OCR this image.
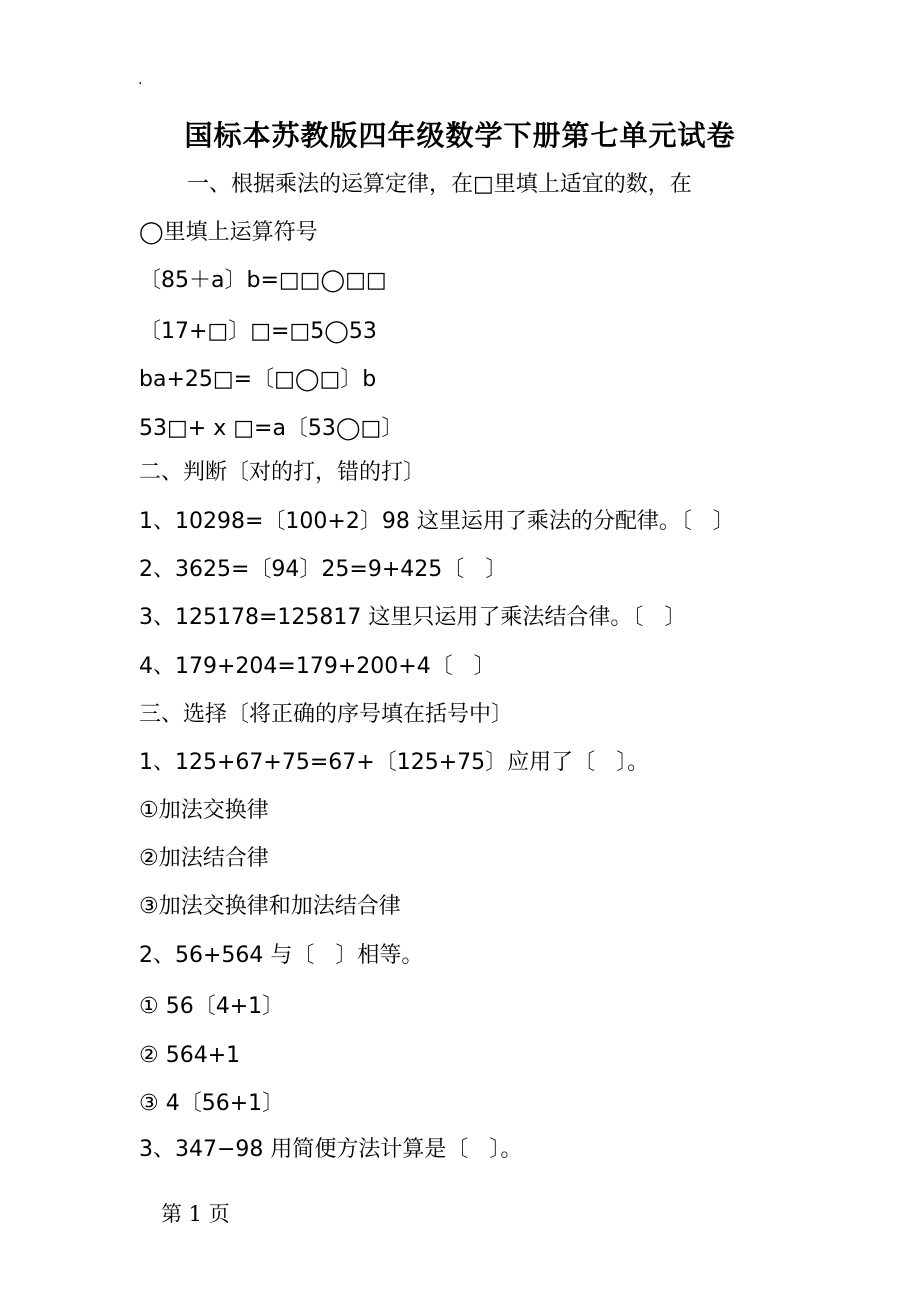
.
国标本苏教版四年级数学下册第七单元试卷
一、根据乘法的运算定律，在□里填上适宜的数，在
◯里填上运算符号
〔85＋a〕b=□□◯□□
〔17+□〕□=□5◯53
ba+25□=〔□◯□〕b
53□+ x □=a〔53◯□〕
二、判断〔对的打，错的打〕
1、10298=〔100+2〕98 这里运用了乘法的分配律。〔   〕
2、3625=〔94〕25=9+425〔   〕
3、125178=125817 这里只运用了乘法结合律。〔   〕
4、179+204=179+200+4〔   〕
三、选择〔将正确的序号填在括号中〕
1、125+67+75=67+〔125+75〕应用了〔   〕。
①加法交换律
②加法结合律
③加法交换律和加法结合律
2、56+564 与〔   〕相等。
① 56〔4+1〕
② 564+1
③ 4〔56+1〕
3、347−98 用简便方法计算是〔   〕。
第 1 页
